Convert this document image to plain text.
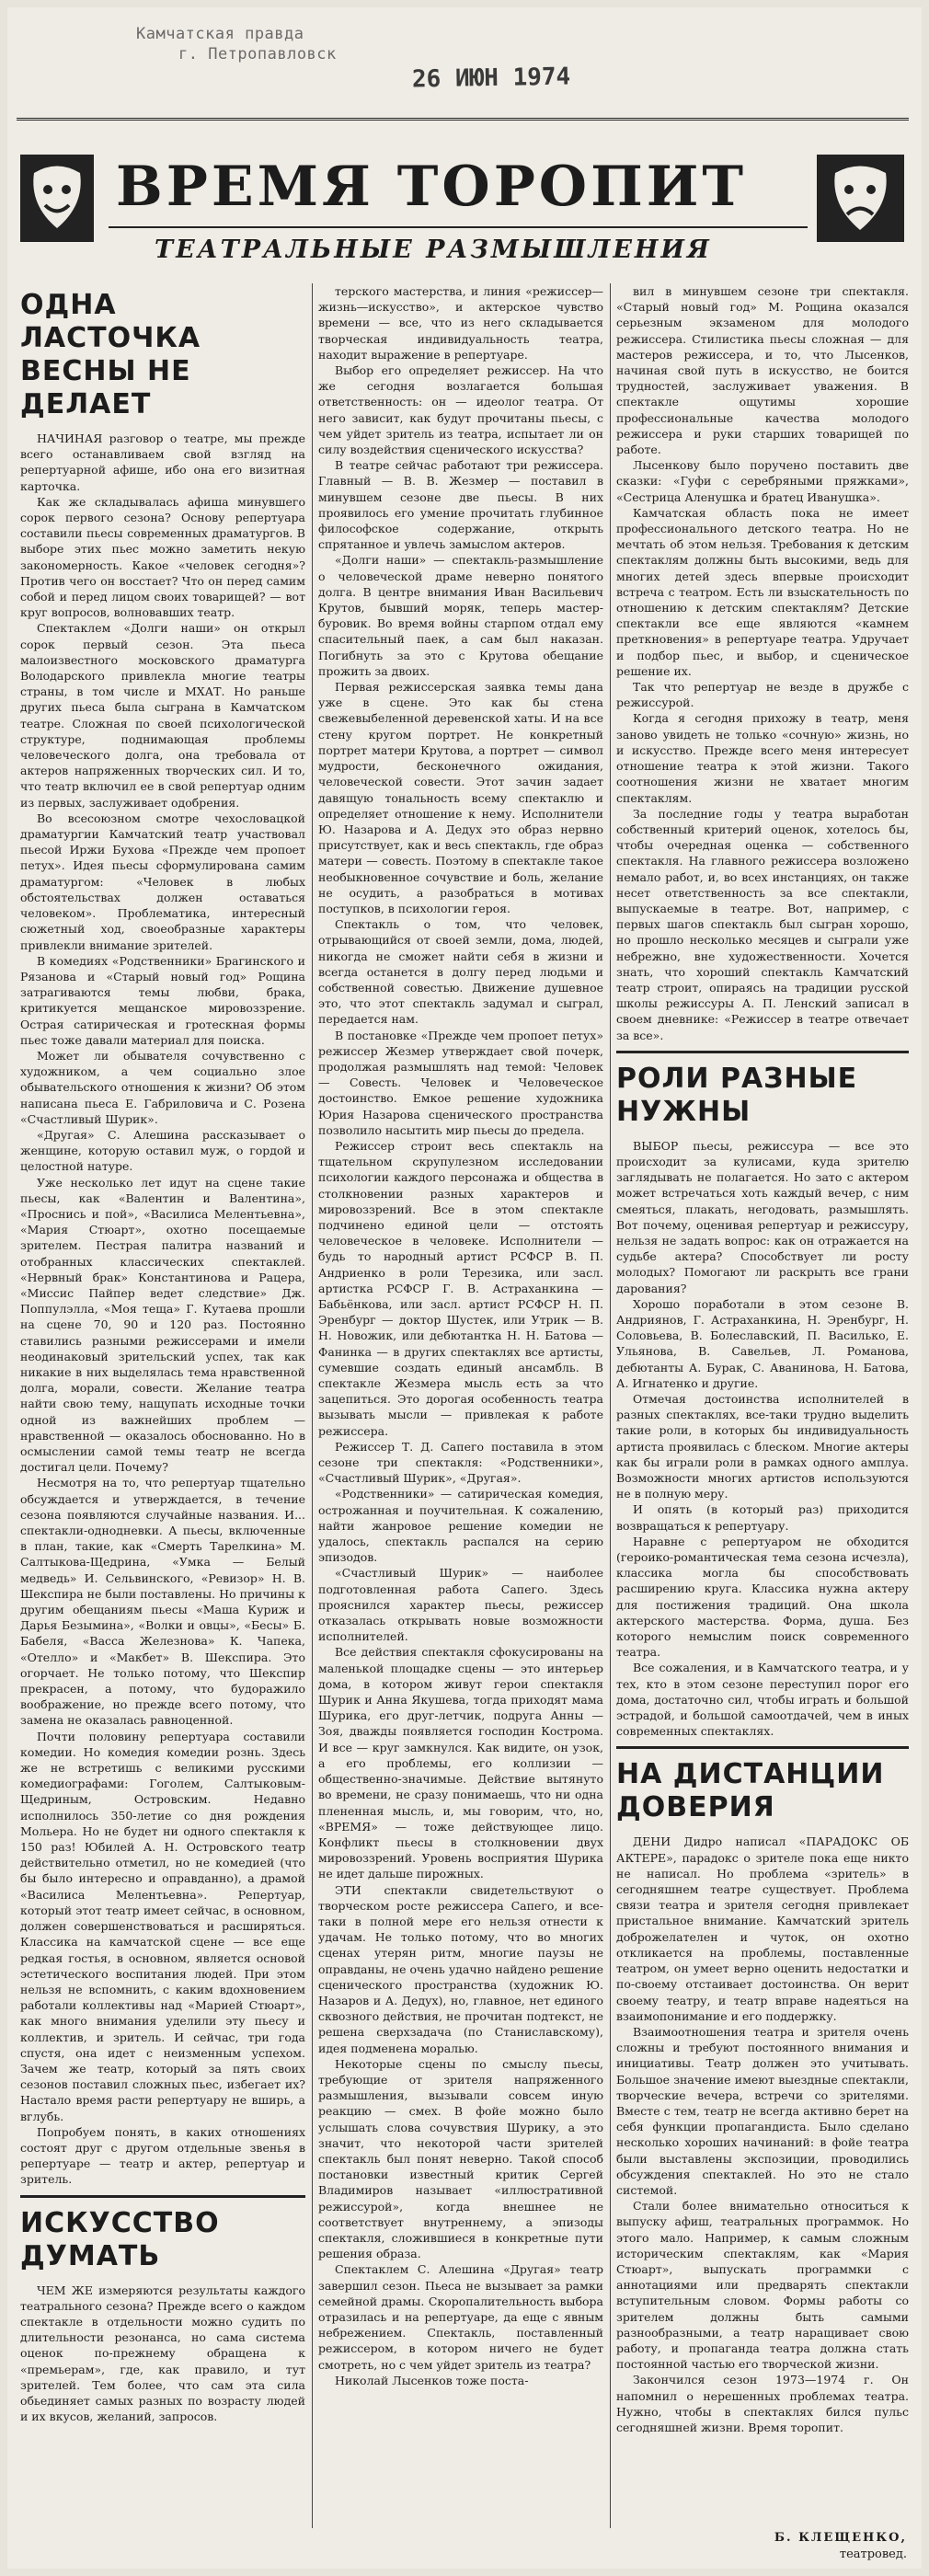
Камчатская правда
г. Петропавловск
26 ИЮН 1974
ВРЕМЯ ТОРОПИТ
ТЕАТРАЛЬНЫЕ РАЗМЫШЛЕНИЯ
ОДНА ЛАСТОЧКА ВЕСНЫ НЕ ДЕЛАЕТ

НАЧИНАЯ разговор о театре, мы прежде всего останавливаем свой взгляд на репертуарной афише, ибо она его визитная карточка.

Как же складывалась афиша минувшего сорок первого сезона? Основу репертуара составили пьесы современных драматургов. В выборе этих пьес можно заметить некую закономерность. Какое «человек сегодня»? Против чего он восстает? Что он перед самим собой и перед лицом своих товарищей? — вот круг вопросов, волновавших театр.

Спектаклем «Долги наши» он открыл сорок первый сезон. Эта пьеса малоизвестного московского драматурга Володарского привлекла многие театры страны, в том числе и МХАТ. Но раньше других пьеса была сыграна в Камчатском театре. Сложная по своей психологической структуре, поднимающая проблемы человеческого долга, она требовала от актеров напряженных творческих сил. И то, что театр включил ее в свой репертуар одним из первых, заслуживает одобрения.

Во всесоюзном смотре чехословацкой драматургии Камчатский театр участвовал пьесой Иржи Бухова «Прежде чем пропоет петух». Идея пьесы сформулирована самим драматургом: «Человек в любых обстоятельствах должен оставаться человеком». Проблематика, интересный сюжетный ход, своеобразные характеры привлекли внимание зрителей.

В комедиях «Родственники» Брагинского и Рязанова и «Старый новый год» Рощина затрагиваются темы любви, брака, критикуется мещанское мировоззрение. Острая сатирическая и гротескная формы пьес тоже давали материал для поиска.

Может ли обывателя сочувственно с художником, а чем социально злое обывательского отношения к жизни? Об этом написана пьеса Е. Габриловича и С. Розена «Счастливый Шурик».

«Другая» С. Алешина рассказывает о женщине, которую оставил муж, о гордой и целостной натуре.

Уже несколько лет идут на сцене такие пьесы, как «Валентин и Валентина», «Проснись и пой», «Василиса Мелентьевна», «Мария Стюарт», охотно посещаемые зрителем. Пестрая палитра названий и отобранных классических спектаклей. «Нервный брак» Константинова и Рацера, «Миссис Пайпер ведет следствие» Дж. Поппулэлла, «Моя теща» Г. Кутаева прошли на сцене 70, 90 и 120 раз. Постоянно ставились разными режиссерами и имели неодинаковый зрительский успех, так как никакие в них выделялась тема нравственной долга, морали, совести. Желание театра найти свою тему, нащупать исходные точки одной из важнейших проблем — нравственной — оказалось обоснованно. Но в осмыслении самой темы театр не всегда достигал цели. Почему?

Несмотря на то, что репертуар тщательно обсуждается и утверждается, в течение сезона появляются случайные названия. И... спектакли-однодневки. А пьесы, включенные в план, такие, как «Смерть Тарелкина» М. Салтыкова-Щедрина, «Умка — Белый медведь» И. Сельвинского, «Ревизор» Н. В. Шекспира не были поставлены. Но причины к другим обещаниям пьесы «Маша Куриж и Дарья Безымина», «Волки и овцы», «Бесы» Б. Бабеля, «Васса Железнова» К. Чапека, «Отелло» и «Макбет» В. Шекспира. Это огорчает. Не только потому, что Шекспир прекрасен, а потому, что будоражило воображение, но прежде всего потому, что замена не оказалась равноценной.

Почти половину репертуара составили комедии. Но комедия комедии рознь. Здесь же не встретишь с великими русскими комедиографами: Гоголем, Салтыковым-Щедриным, Островским. Недавно исполнилось 350-летие со дня рождения Мольера. Но не будет ни одного спектакля к 150 раз! Юбилей А. Н. Островского театр действительно отметил, но не комедией (что бы было интересно и оправданно), а драмой «Василиса Мелентьевна». Репертуар, который этот театр имеет сейчас, в основном, должен совершенствоваться и расширяться. Классика на камчатской сцене — все еще редкая гостья, в основном, является основой эстетического воспитания людей. При этом нельзя не вспомнить, с каким вдохновением работали коллективы над «Марией Стюарт», как много внимания уделили эту пьесу и коллектив, и зритель. И сейчас, три года спустя, она идет с неизменным успехом. Зачем же театр, который за пять своих сезонов поставил сложных пьес, избегает их? Настало время расти репертуару не вширь, а вглубь.

Попробуем понять, в каких отношениях состоят друг с другом отдельные звенья в репертуаре — театр и актер, репертуар и зритель.

ИСКУССТВО ДУМАТЬ

ЧЕМ ЖЕ измеряются результаты каждого театрального сезона? Прежде всего о каждом спектакле в отдельности можно судить по длительности резонанса, но сама система оценок по-прежнему обращена к «премьерам», где, как правило, и тут зрителей. Тем более, что сам эта сила обьединяет самых разных по возрасту людей и их вкусов, желаний, запросов.

терского мастерства, и линия «режиссер—жизнь—искусство», и актерское чувство времени — все, что из него складывается творческая индивидуальность театра, находит выражение в репертуаре.

Выбор его определяет режиссер. На что же сегодня возлагается большая ответственность: он — идеолог театра. От него зависит, как будут прочитаны пьесы, с чем уйдет зритель из театра, испытает ли он силу воздействия сценического искусства?

В театре сейчас работают три режиссера. Главный — В. В. Жезмер — поставил в минувшем сезоне две пьесы. В них проявилось его умение прочитать глубинное философское содержание, открыть спрятанное и увлечь замыслом актеров.

«Долги наши» — спектакль-размышление о человеческой драме неверно понятого долга. В центре внимания Иван Васильевич Крутов, бывший моряк, теперь мастер-буровик. Во время войны старпом отдал ему спасительный паек, а сам был наказан. Погибнуть за это с Крутова обещание прожить за двоих.

Первая режиссерская заявка темы дана уже в сцене. Это как бы стена свежевыбеленной деревенской хаты. И на все стену кругом портрет. Не конкретный портрет матери Крутова, а портрет — символ мудрости, бесконечного ожидания, человеческой совести. Этот зачин задает давящую тональность всему спектаклю и определяет отношение к нему. Исполнители Ю. Назарова и А. Дедух это образ нервно присутствует, как и весь спектакль, где образ матери — совесть. Поэтому в спектакле такое необыкновенное сочувствие и боль, желание не осудить, а разобраться в мотивах поступков, в психологии героя.

Спектакль о том, что человек, отрывающийся от своей земли, дома, людей, никогда не сможет найти себя в жизни и всегда останется в долгу перед людьми и собственной совестью. Движение душевное это, что этот спектакль задумал и сыграл, передается нам.

В постановке «Прежде чем пропоет петух» режиссер Жезмер утверждает свой почерк, продолжая размышлять над темой: Человек — Совесть. Человек и Человеческое достоинство. Емкое решение художника Юрия Назарова сценического пространства позволило насытить мир пьесы до предела.

Режиссер строит весь спектакль на тщательном скрупулезном исследовании психологии каждого персонажа и общества в столкновении разных характеров и мировоззрений. Все в этом спектакле подчинено единой цели — отстоять человеческое в человеке. Исполнители — будь то народный артист РСФСР В. П. Андриенко в роли Терезика, или засл. артистка РСФСР Г. В. Астраханкина — Бабьёнкова, или засл. артист РСФСР Н. П. Эренбург — доктор Шустек, или Утрик — В. Н. Новожик, или дебютантка Н. Н. Батова — Фанинка — в других спектаклях все артисты, сумевшие создать единый ансамбль. В спектакле Жезмера мысль есть за что зацепиться. Это дорогая особенность театра вызывать мысли — привлекая к работе режиссера.

Режиссер Т. Д. Сапего поставила в этом сезоне три спектакля: «Родственники», «Счастливый Шурик», «Другая».

«Родственники» — сатирическая комедия, острожанная и поучительная. К сожалению, найти жанровое решение комедии не удалось, спектакль распался на серию эпизодов.

«Счастливый Шурик» — наиболее подготовленная работа Сапего. Здесь прояснился характер пьесы, режиссер отказалась открывать новые возможности исполнителей.

Все действия спектакля сфокусированы на маленькой площадке сцены — это интерьер дома, в котором живут герои спектакля Шурик и Анна Якушева, тогда приходят мама Шурика, его друг-летчик, подруга Анны — Зоя, дважды появляется господин Кострома. И все — круг замкнулся. Как видите, он узок, а его проблемы, его коллизии — общественно-значимые. Действие вытянуто во времени, не сразу понимаешь, что ни одна плененная мысль, и, мы говорим, что, но, «ВРЕМЯ» — тоже действующее лицо. Конфликт пьесы в столкновении двух мировоззрений. Уровень восприятия Шурика не идет дальше пирожных.

ЭТИ спектакли свидетельствуют о творческом росте режиссера Сапего, и все-таки в полной мере его нельзя отнести к удачам. Не только потому, что во многих сценах утерян ритм, многие паузы не оправданы, не очень удачно найдено решение сценического пространства (художник Ю. Назаров и А. Дедух), но, главное, нет единого сквозного действия, не прочитан подтекст, не решена сверхзадача (по Станиславскому), идея подменена моралью.

Некоторые сцены по смыслу пьесы, требующие от зрителя напряженного размышления, вызывали совсем иную реакцию — смех. В фойе можно было услышать слова сочувствия Шурику, а это значит, что некоторой части зрителей спектакль был понят неверно. Такой способ постановки известный критик Сергей Владимиров называет «иллюстративной режиссурой», когда внешнее не соответствует внутреннему, а эпизоды спектакля, сложившиеся в конкретные пути решения образа.

Спектаклем С. Алешина «Другая» театр завершил сезон. Пьеса не вызывает за рамки семейной драмы. Скоропалительность выбора отразилась и на репертуаре, да еще с явным небрежением. Спектакль, поставленный режиссером, в котором ничего не будет смотреть, но с чем уйдет зритель из театра?

Николай Лысенков тоже поста-

вил в минувшем сезоне три спектакля. «Старый новый год» М. Рощина оказался серьезным экзаменом для молодого режиссера. Стилистика пьесы сложная — для мастеров режиссера, и то, что Лысенков, начиная свой путь в искусство, не боится трудностей, заслуживает уважения. В спектакле ощутимы хорошие профессиональные качества молодого режиссера и руки старших товарищей по работе.

Лысенкову было поручено поставить две сказки: «Гуфи с серебряными пряжками», «Сестрица Аленушка и братец Иванушка».

Камчатская область пока не имеет профессионального детского театра. Но не мечтать об этом нельзя. Требования к детским спектаклям должны быть высокими, ведь для многих детей здесь впервые происходит встреча с театром. Есть ли взыскательность по отношению к детским спектаклям? Детские спектакли все еще являются «камнем преткновения» в репертуаре театра. Удручает и подбор пьес, и выбор, и сценическое решение их.

Так что репертуар не везде в дружбе с режиссурой.

Когда я сегодня прихожу в театр, меня заново увидеть не только «сочную» жизнь, но и искусство. Прежде всего меня интересует отношение театра к этой жизни. Такого соотношения жизни не хватает многим спектаклям.

За последние годы у театра выработан собственный критерий оценок, хотелось бы, чтобы очередная оценка — собственного спектакля. На главного режиссера возложено немало работ, и, во всех инстанциях, он также несет ответственность за все спектакли, выпускаемые в театре. Вот, например, с первых шагов спектакль был сыгран хорошо, но прошло несколько месяцев и сыграли уже небрежно, вне художественности. Хочется знать, что хороший спектакль Камчатский театр строит, опираясь на традиции русской школы режиссуры А. П. Ленский записал в своем дневнике: «Режиссер в театре отвечает за все».

РОЛИ РАЗНЫЕ НУЖНЫ

ВЫБОР пьесы, режиссура — все это происходит за кулисами, куда зрителю заглядывать не полагается. Но зато с актером может встречаться хоть каждый вечер, с ним смеяться, плакать, негодовать, размышлять. Вот почему, оценивая репертуар и режиссуру, нельзя не задать вопрос: как он отражается на судьбе актера? Способствует ли росту молодых? Помогают ли раскрыть все грани дарования?

Хорошо поработали в этом сезоне В. Андриянов, Г. Астраханкина, Н. Эренбург, Н. Соловьева, В. Болеславский, П. Василько, Е. Ульянова, В. Савельев, Л. Романова, дебютанты А. Бурак, С. Аванинова, Н. Батова, А. Игнатенко и другие.

Отмечая достоинства исполнителей в разных спектаклях, все-таки трудно выделить такие роли, в которых бы индивидуальность артиста проявилась с блеском. Многие актеры как бы играли роли в рамках одного амплуа. Возможности многих артистов используются не в полную меру.

И опять (в который раз) приходится возвращаться к репертуару.

Наравне с репертуаром не обходится (героико-романтическая тема сезона исчезла), классика могла бы способствовать расширению круга. Классика нужна актеру для постижения традиций. Она школа актерского мастерства. Форма, душа. Без которого немыслим поиск современного театра.

Все сожаления, и в Камчатского театра, и у тех, кто в этом сезоне переступил порог его дома, достаточно сил, чтобы играть и большой эстрадой, и большой самоотдачей, чем в иных современных спектаклях.

НА ДИСТАНЦИИ ДОВЕРИЯ

ДЕНИ Дидро написал «ПАРАДОКС ОБ АКТЕРЕ», парадокс о зрителе пока еще никто не написал. Но проблема «зритель» в сегодняшнем театре существует. Проблема связи театра и зрителя сегодня привлекает пристальное внимание. Камчатский зритель доброжелателен и чуток, он охотно откликается на проблемы, поставленные театром, он умеет верно оценить недостатки и по-своему отстаивает достоинства. Он верит своему театру, и театр вправе надеяться на взаимопонимание и его поддержку.

Взаимоотношения театра и зрителя очень сложны и требуют постоянного внимания и инициативы. Театр должен это учитывать. Большое значение имеют выездные спектакли, творческие вечера, встречи со зрителями. Вместе с тем, театр не всегда активно берет на себя функции пропагандиста. Было сделано несколько хороших начинаний: в фойе театра были выставлены экспозиции, проводились обсуждения спектаклей. Но это не стало системой.

Стали более внимательно относиться к выпуску афиш, театральных программок. Но этого мало. Например, к самым сложным историческим спектаклям, как «Мария Стюарт», выпускать программки с аннотациями или предварять спектакли вступительным словом. Формы работы со зрителем должны быть самыми разнообразными, а театр наращивает свою работу, и пропаганда театра должна стать постоянной частью его творческой жизни.

Закончился сезон 1973—1974 г. Он напомнил о нерешенных проблемах театра. Нужно, чтобы в спектаклях бился пульс сегодняшней жизни. Время торопит.

Б. КЛЕЩЕНКО,
театровед.
